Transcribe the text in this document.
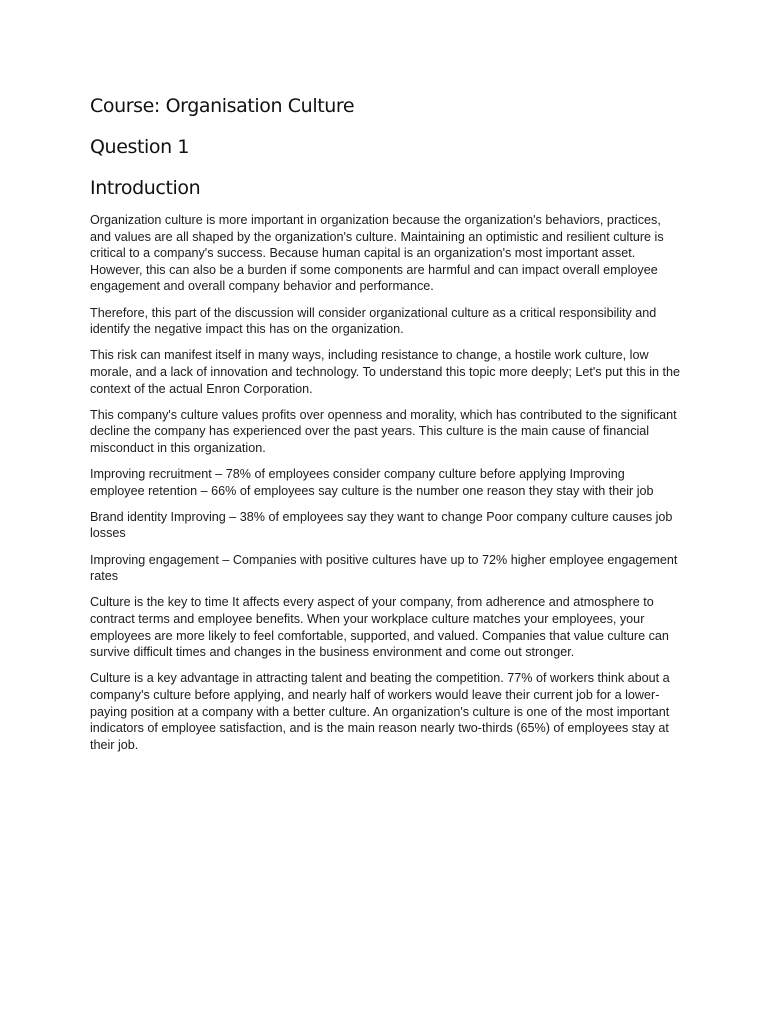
Course: Organisation Culture
Question 1
Introduction

Organization culture is more important in organization because the organization's behaviors, practices, and values are all shaped by the organization's culture. Maintaining an optimistic and resilient culture is critical to a company's success. Because human capital is an organization's most important asset. However, this can also be a burden if some components are harmful and can impact overall employee engagement and overall company behavior and performance.

Therefore, this part of the discussion will consider organizational culture as a critical responsibility and identify the negative impact this has on the organization.

This risk can manifest itself in many ways, including resistance to change, a hostile work culture, low morale, and a lack of innovation and technology. To understand this topic more deeply; Let's put this in the context of the actual Enron Corporation.

This company's culture values profits over openness and morality, which has contributed to the significant decline the company has experienced over the past years. This culture is the main cause of financial misconduct in this organization.

Improving recruitment – 78% of employees consider company culture before applying Improving employee retention – 66% of employees say culture is the number one reason they stay with their job

Brand identity Improving – 38% of employees say they want to change Poor company culture causes job losses

Improving engagement – Companies with positive cultures have up to 72% higher employee engagement rates

Culture is the key to time It affects every aspect of your company, from adherence and atmosphere to contract terms and employee benefits. When your workplace culture matches your employees, your employees are more likely to feel comfortable, supported, and valued. Companies that value culture can survive difficult times and changes in the business environment and come out stronger.

Culture is a key advantage in attracting talent and beating the competition. 77% of workers think about a company's culture before applying, and nearly half of workers would leave their current job for a lower-paying position at a company with a better culture. An organization's culture is one of the most important indicators of employee satisfaction, and is the main reason nearly two-thirds (65%) of employees stay at their job.
